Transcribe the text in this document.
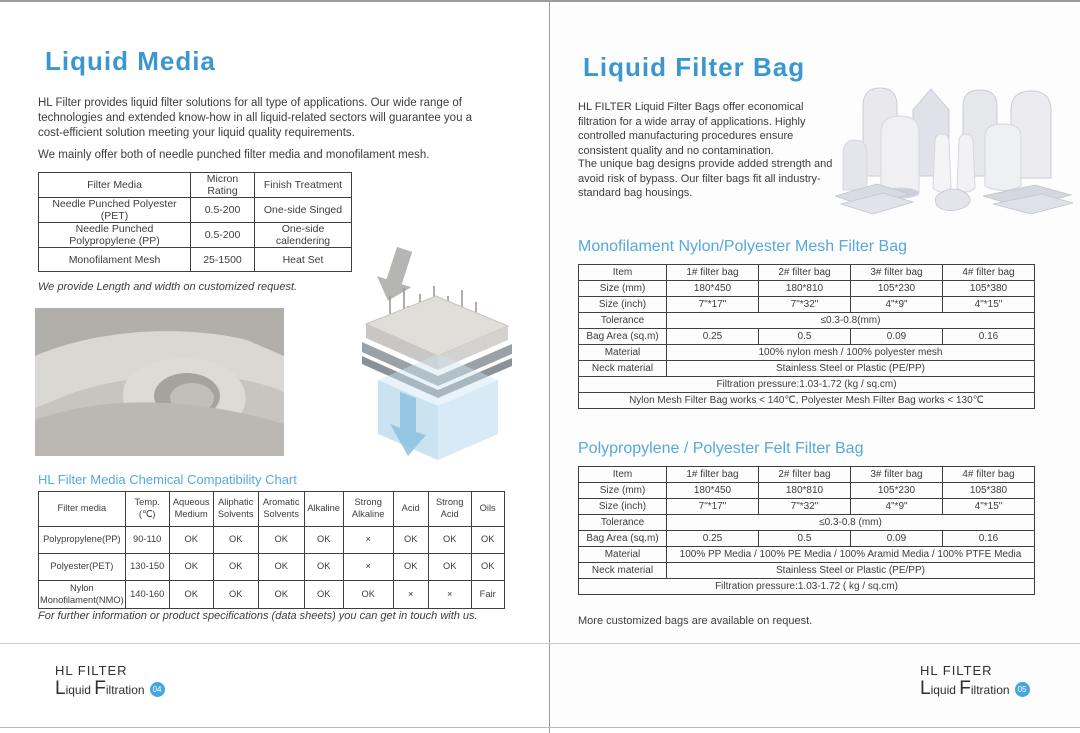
Liquid Media

HL Filter provides liquid filter solutions for all type of applications. Our wide range of technologies and extended know-how in all liquid-related sectors will guarantee you a cost-efficient solution meeting your liquid quality requirements.

We mainly offer both of needle punched filter media and monofilament mesh.

Filter Media	Micron Rating	Finish Treatment
Needle Punched Polyester (PET)	0.5-200	One-side Singed
Needle Punched Polypropylene (PP)	0.5-200	One-side calendering
Monofilament Mesh	25-1500	Heat Set

We provide Length and width on customized request.

HL Filter Media Chemical Compatibility Chart

Filter media	Temp.(℃)	Aqueous Medium	Aliphatic Solvents	Aromatic Solvents	Alkaline	Strong Alkaline	Acid	Strong Acid	Oils
Polypropylene(PP)	90-110	OK	OK	OK	OK	×	OK	OK	OK
Polyester(PET)	130-150	OK	OK	OK	OK	×	OK	OK	OK
Nylon Monofilament(NMO)	140-160	OK	OK	OK	OK	OK	×	×	Fair

For further information or product specifications (data sheets) you can get in touch with us.

HL FILTER
Liquid Filtration 04
Liquid Filter Bag

HL FILTER Liquid Filter Bags offer economical filtration for a wide array of applications. Highly controlled manufacturing procedures ensure consistent quality and no contamination.

The unique bag designs provide added strength and avoid risk of bypass. Our filter bags fit all industry-standard bag housings.

Monofilament Nylon/Polyester Mesh Filter Bag

Item	1# filter bag	2# filter bag	3# filter bag	4# filter bag
Size (mm)	180*450	180*810	105*230	105*380
Size (inch)	7"*17"	7"*32"	4"*9"	4"*15"
Tolerance	≤0.3-0.8(mm)			
Bag Area (sq.m)	0.25	0.5	0.09	0.16
Material	100% nylon mesh / 100% polyester mesh			
Neck material	Stainless Steel or Plastic (PE/PP)			
Filtration pressure:1.03-1.72 (kg / sq.cm)				
Nylon Mesh Filter Bag works < 140℃, Polyester Mesh Filter Bag works < 130℃				

Polypropylene / Polyester Felt Filter Bag

Item	1# filter bag	2# filter bag	3# filter bag	4# filter bag
Size (mm)	180*450	180*810	105*230	105*380
Size (inch)	7"*17"	7"*32"	4"*9"	4"*15"
Tolerance	≤0.3-0.8 (mm)			
Bag Area (sq.m)	0.25	0.5	0.09	0.16
Material	100% PP Media / 100% PE Media / 100% Aramid Media / 100% PTFE Media			
Neck material	Stainless Steel or Plastic (PE/PP)			
Filtration pressure:1.03-1.72 ( kg / sq.cm)				

More customized bags are available on request.

HL FILTER
Liquid Filtration 05
